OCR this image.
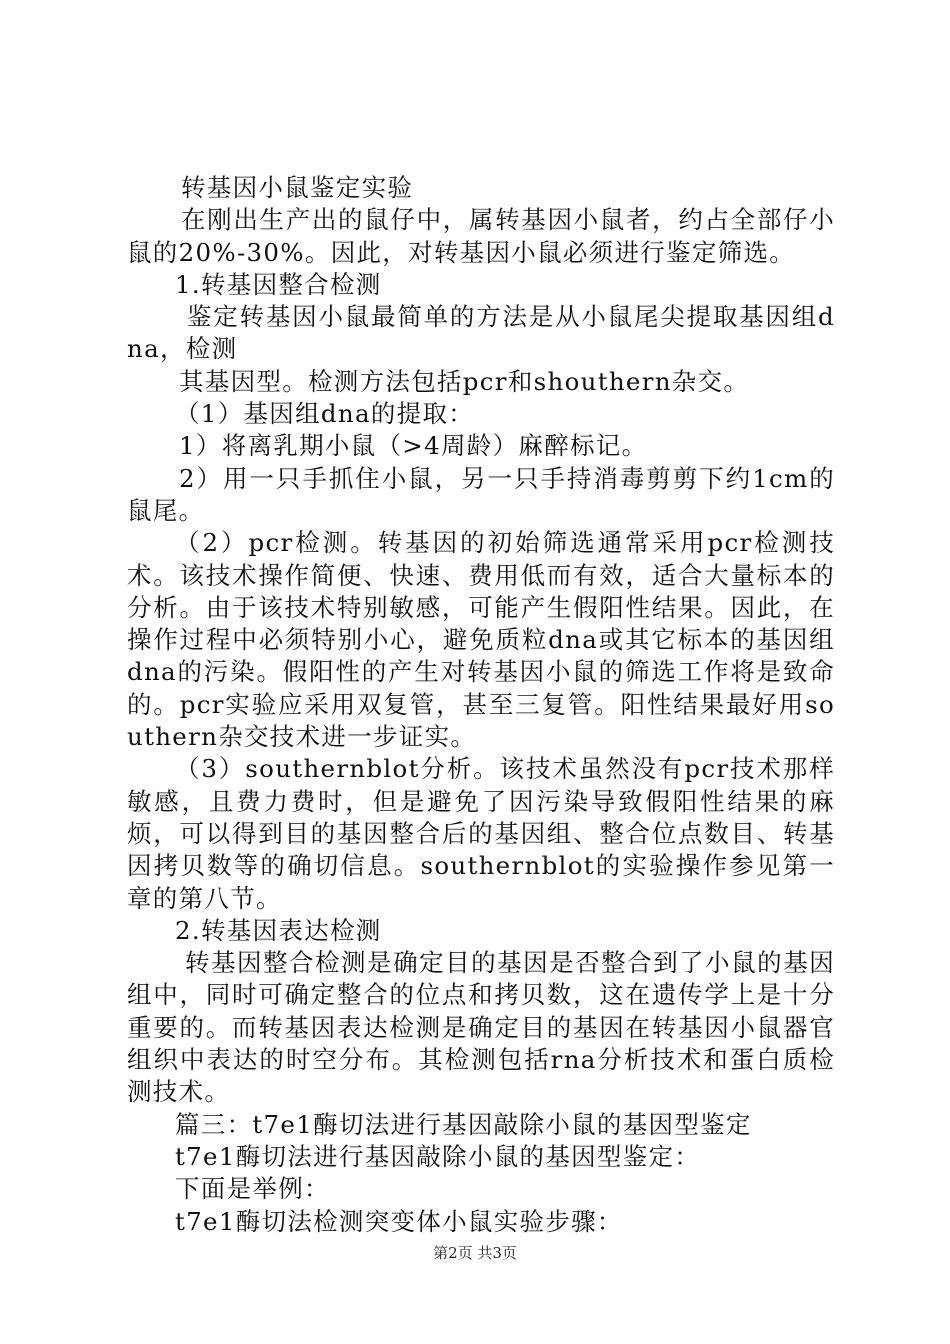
转基因小鼠鉴定实验

在刚出生产出的鼠仔中，属转基因小鼠者，约占全部仔小鼠的20%-30%。因此，对转基因小鼠必须进行鉴定筛选。

1.转基因整合检测

鉴定转基因小鼠最简单的方法是从小鼠尾尖提取基因组dna，检测

其基因型。检测方法包括pcr和shouthern杂交。

（1）基因组dna的提取：

1）将离乳期小鼠（>4周龄）麻醉标记。

2）用一只手抓住小鼠，另一只手持消毒剪剪下约1cm的鼠尾。

（2）pcr检测。转基因的初始筛选通常采用pcr检测技术。该技术操作简便、快速、费用低而有效，适合大量标本的分析。由于该技术特别敏感，可能产生假阳性结果。因此，在操作过程中必须特别小心，避免质粒dna或其它标本的基因组dna的污染。假阳性的产生对转基因小鼠的筛选工作将是致命的。pcr实验应采用双复管，甚至三复管。阳性结果最好用southern杂交技术进一步证实。

（3）southernblot分析。该技术虽然没有pcr技术那样敏感，且费力费时，但是避免了因污染导致假阳性结果的麻烦，可以得到目的基因整合后的基因组、整合位点数目、转基因拷贝数等的确切信息。southernblot的实验操作参见第一章的第八节。

2.转基因表达检测

转基因整合检测是确定目的基因是否整合到了小鼠的基因组中，同时可确定整合的位点和拷贝数，这在遗传学上是十分重要的。而转基因表达检测是确定目的基因在转基因小鼠器官组织中表达的时空分布。其检测包括rna分析技术和蛋白质检测技术。

篇三：t7e1酶切法进行基因敲除小鼠的基因型鉴定

t7e1酶切法进行基因敲除小鼠的基因型鉴定：

下面是举例：

t7e1酶切法检测突变体小鼠实验步骤：

第2页 共3页
